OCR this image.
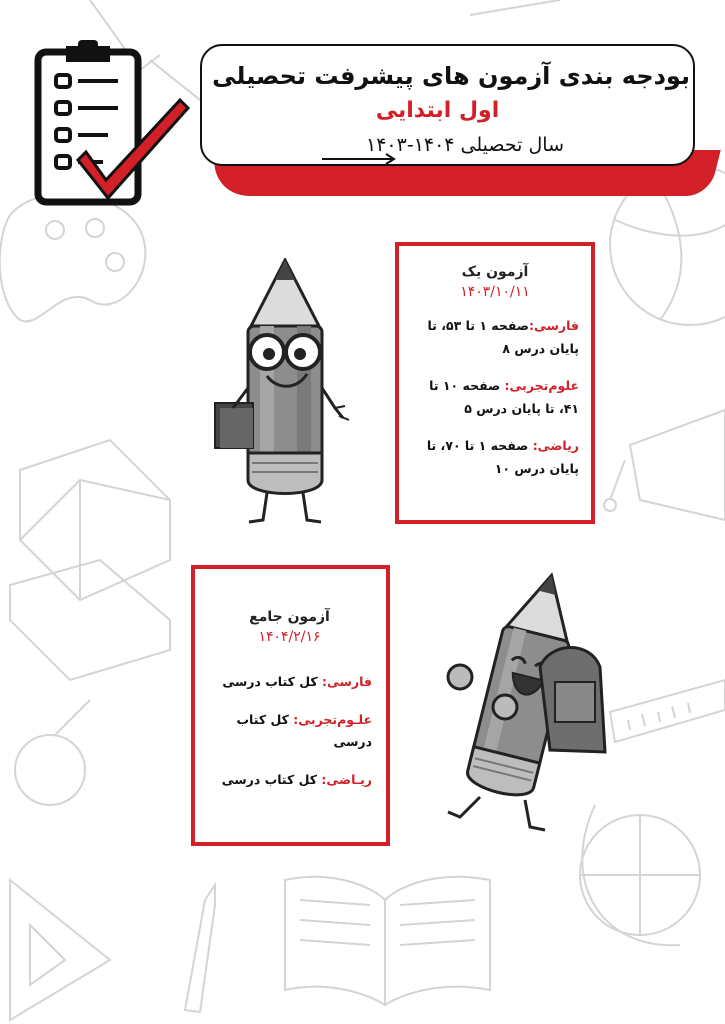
بودجه بندی آزمون های پیشرفت تحصیلی
اول ابتدایی
سال تحصیلی ۱۴۰۴-۱۴۰۳
آزمون یک
۱۴۰۳/۱۰/۱۱
فارسی:صفحه ۱ تا ۵۳، تا پایان درس ۸
علوم‌تجربی: صفحه ۱۰ تا ۴۱، تا پایان درس ۵
ریاضی: صفحه ۱ تا ۷۰، تا پایان درس ۱۰
آزمون جامع
۱۴۰۴/۲/۱۶
فارسی: کل کتاب درسی
علـوم‌تجربی: کل کتاب درسی
ریـاضی: کل کتاب درسی
